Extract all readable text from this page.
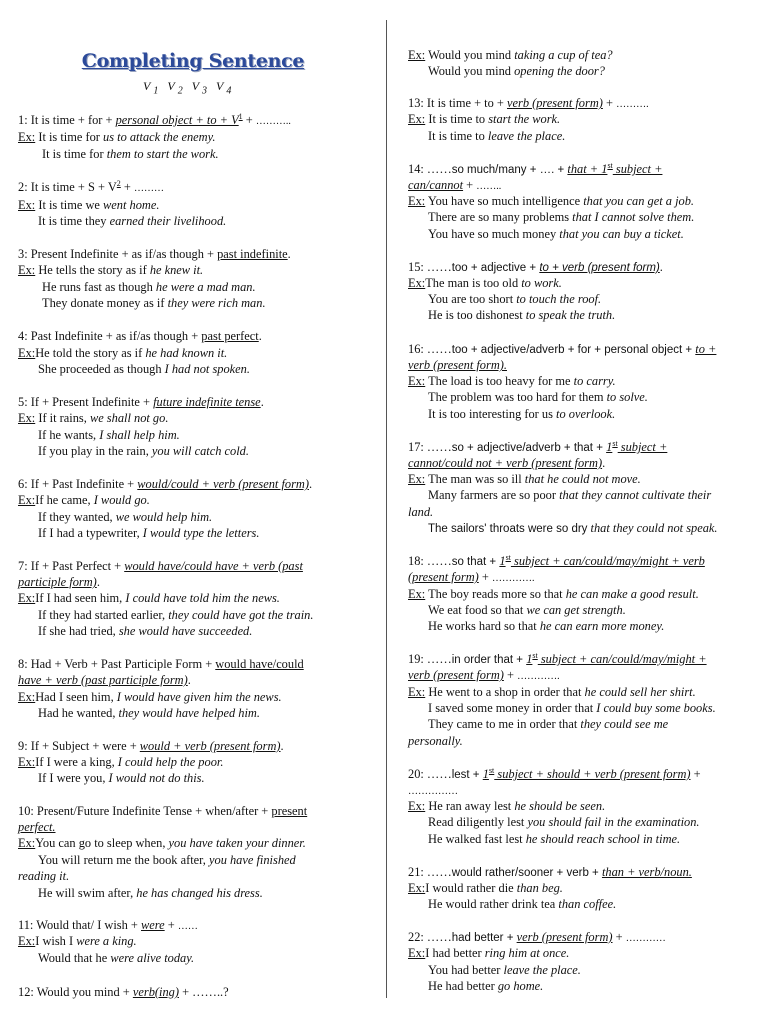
Completing Sentence
$V_1$ $V_2$ $V_3$ $V_4$
1: It is time + for + personal object + to + $V^1$ + ………..
Ex: It is time for us to attack the enemy.
It is time for them to start the work.
2: It is time + $S + V^2$ + ………
Ex: It is time we went home.
It is time they earned their livelihood.
3: Present Indefinite + as if/as though + past indefinite.
Ex: He tells the story as if he knew it.
He runs fast as though he were a mad man.
They donate money as if they were rich man.
4: Past Indefinite + as if/as though + past perfect.
Ex:He told the story as if he had known it.
She proceeded as though I had not spoken.
5: If + Present Indefinite + future indefinite tense.
Ex: If it rains, we shall not go.
If he wants, I shall help him.
If you play in the rain, you will catch cold.
6: If + Past Indefinite + would/could + verb (present form).
Ex:If he came, I would go.
If they wanted, we would help him.
If I had a typewriter, I would type the letters.
7: If + Past Perfect + would have/could have + verb (past
participle form).
Ex:If I had seen him, I could have told him the news.
If they had started earlier, they could have got the train.
If she had tried, she would have succeeded.
8: Had + Verb + Past Participle Form + would have/could
have + verb (past participle form).
Ex:Had I seen him, I would have given him the news.
Had he wanted, they would have helped him.
9: If + Subject + were + would + verb (present form).
Ex:If I were a king, I could help the poor.
If I were you, I would not do this.
10: Present/Future Indefinite Tense + when/after + present
perfect.
Ex:You can go to sleep when, you have taken your dinner.
You will return me the book after, you have finished
reading it.
He will swim after, he has changed his dress.
11: Would that/ I wish + were + ……
Ex:I wish I were a king.
Would that he were alive today.
12: Would you mind + verb(ing) + ……..?
Ex: Would you mind taking a cup of tea?
Would you mind opening the door?
13: It is time + to + verb (present form) + ……….
Ex: It is time to start the work.
It is time to leave the place.
14: ……so much/many + …. + that + 1st subject +
can/cannot + ……..
Ex: You have so much intelligence that you can get a job.
There are so many problems that I cannot solve them.
You have so much money that you can buy a ticket.
15: ……too + adjective + to + verb (present form).
Ex:The man is too old to work.
You are too short to touch the roof.
He is too dishonest to speak the truth.
16: ……too + adjective/adverb + for + personal object + to +
verb (present form).
Ex: The load is too heavy for me to carry.
The problem was too hard for them to solve.
It is too interesting for us to overlook.
17: ……so + adjective/adverb + that + 1st subject +
cannot/could not + verb (present form).
Ex: The man was so ill that he could not move.
Many farmers are so poor that they cannot cultivate their
land.
The sailors' throats were so dry that they could not speak.
18: ……so that + 1st subject + can/could/may/might + verb
(present form) + ………….
Ex: The boy reads more so that he can make a good result.
We eat food so that we can get strength.
He works hard so that he can earn more money.
19: ……in order that + 1st subject + can/could/may/might +
verb (present form) + ………….
Ex: He went to a shop in order that he could sell her shirt.
I saved some money in order that I could buy some books.
They came to me in order that they could see me
personally.
20: ……lest + 1st subject + should + verb (present form) +
……………
Ex: He ran away lest he should be seen.
Read diligently lest you should fail in the examination.
He walked fast lest he should reach school in time.
21: ……would rather/sooner + verb + than + verb/noun.
Ex:I would rather die than beg.
He would rather drink tea than coffee.
22: ……had better + verb (present form) + …………
Ex:I had better ring him at once.
You had better leave the place.
He had better go home.
